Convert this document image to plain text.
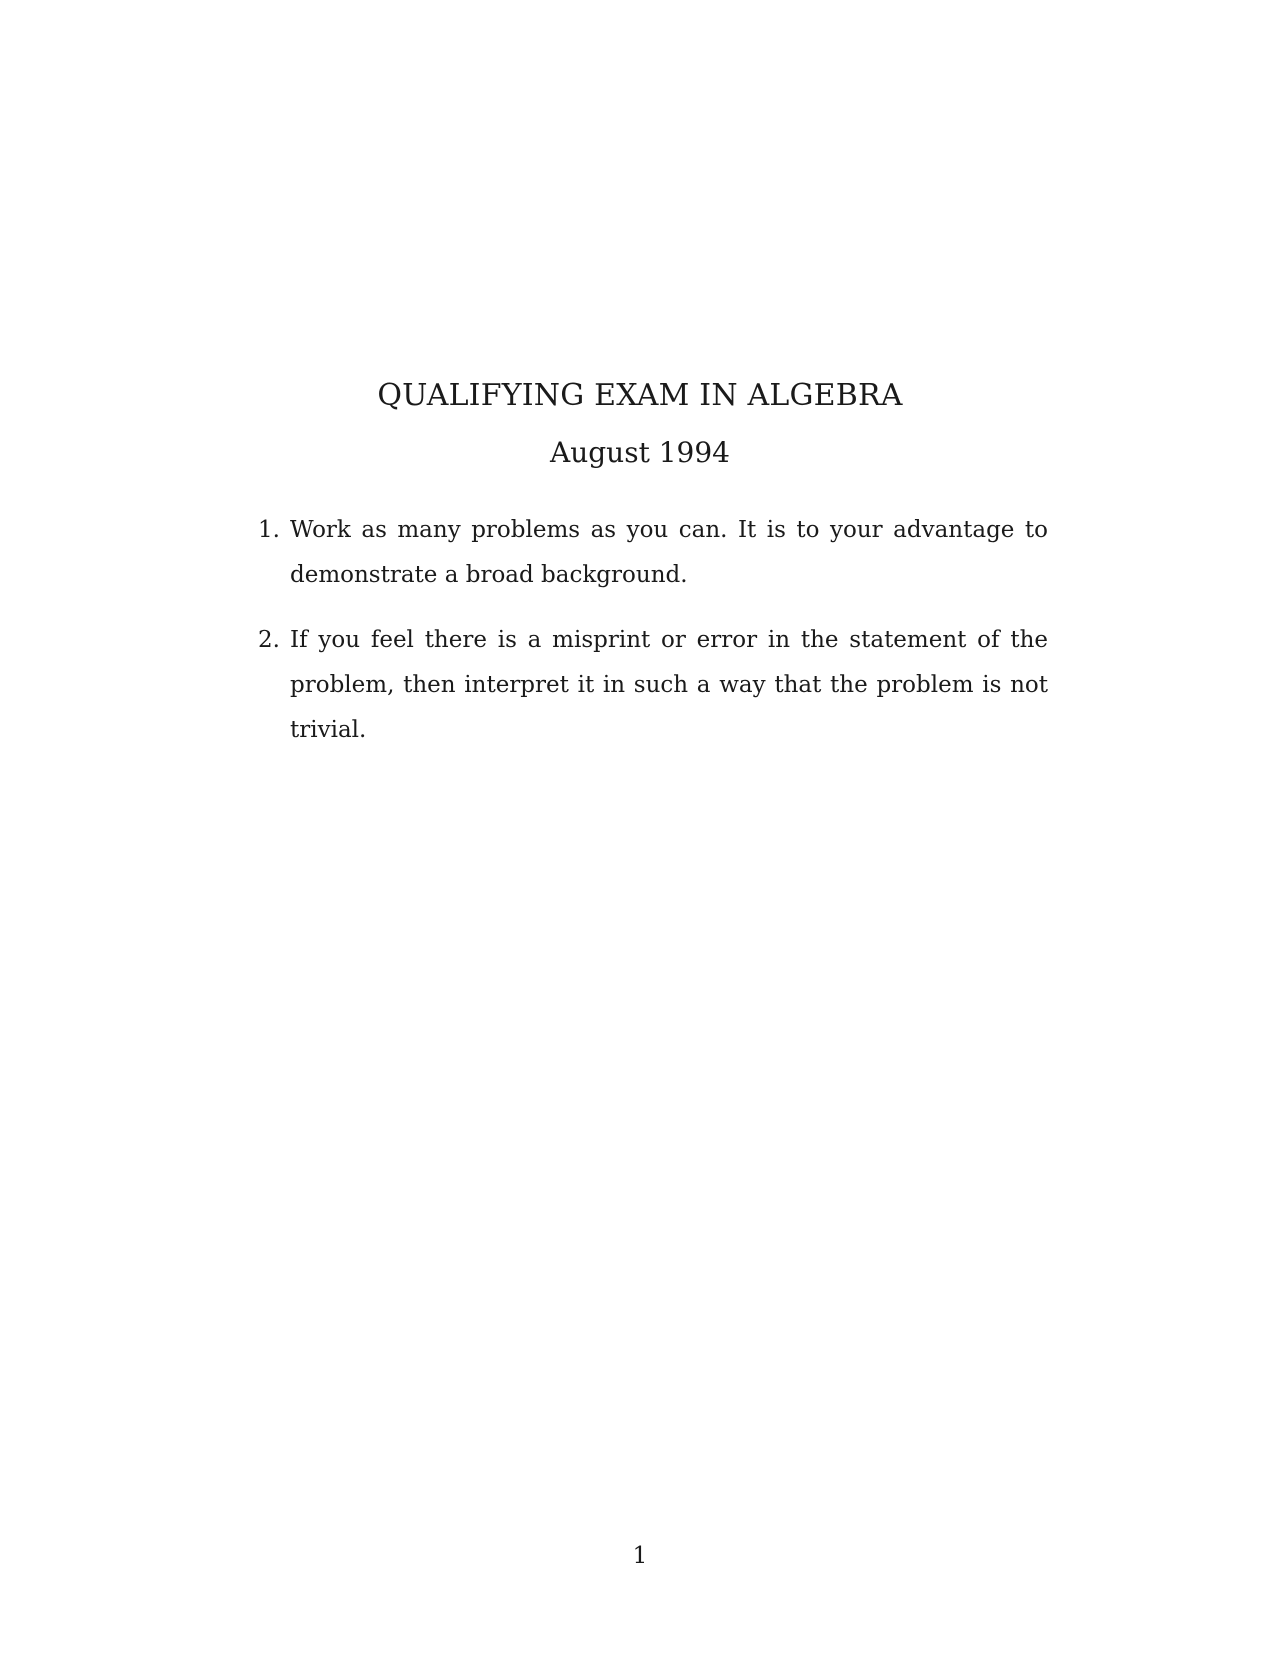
QUALIFYING EXAM IN ALGEBRA
August 1994
1. Work as many problems as you can. It is to your advantage to demonstrate a broad background.
2. If you feel there is a misprint or error in the statement of the problem, then interpret it in such a way that the problem is not trivial.
1
